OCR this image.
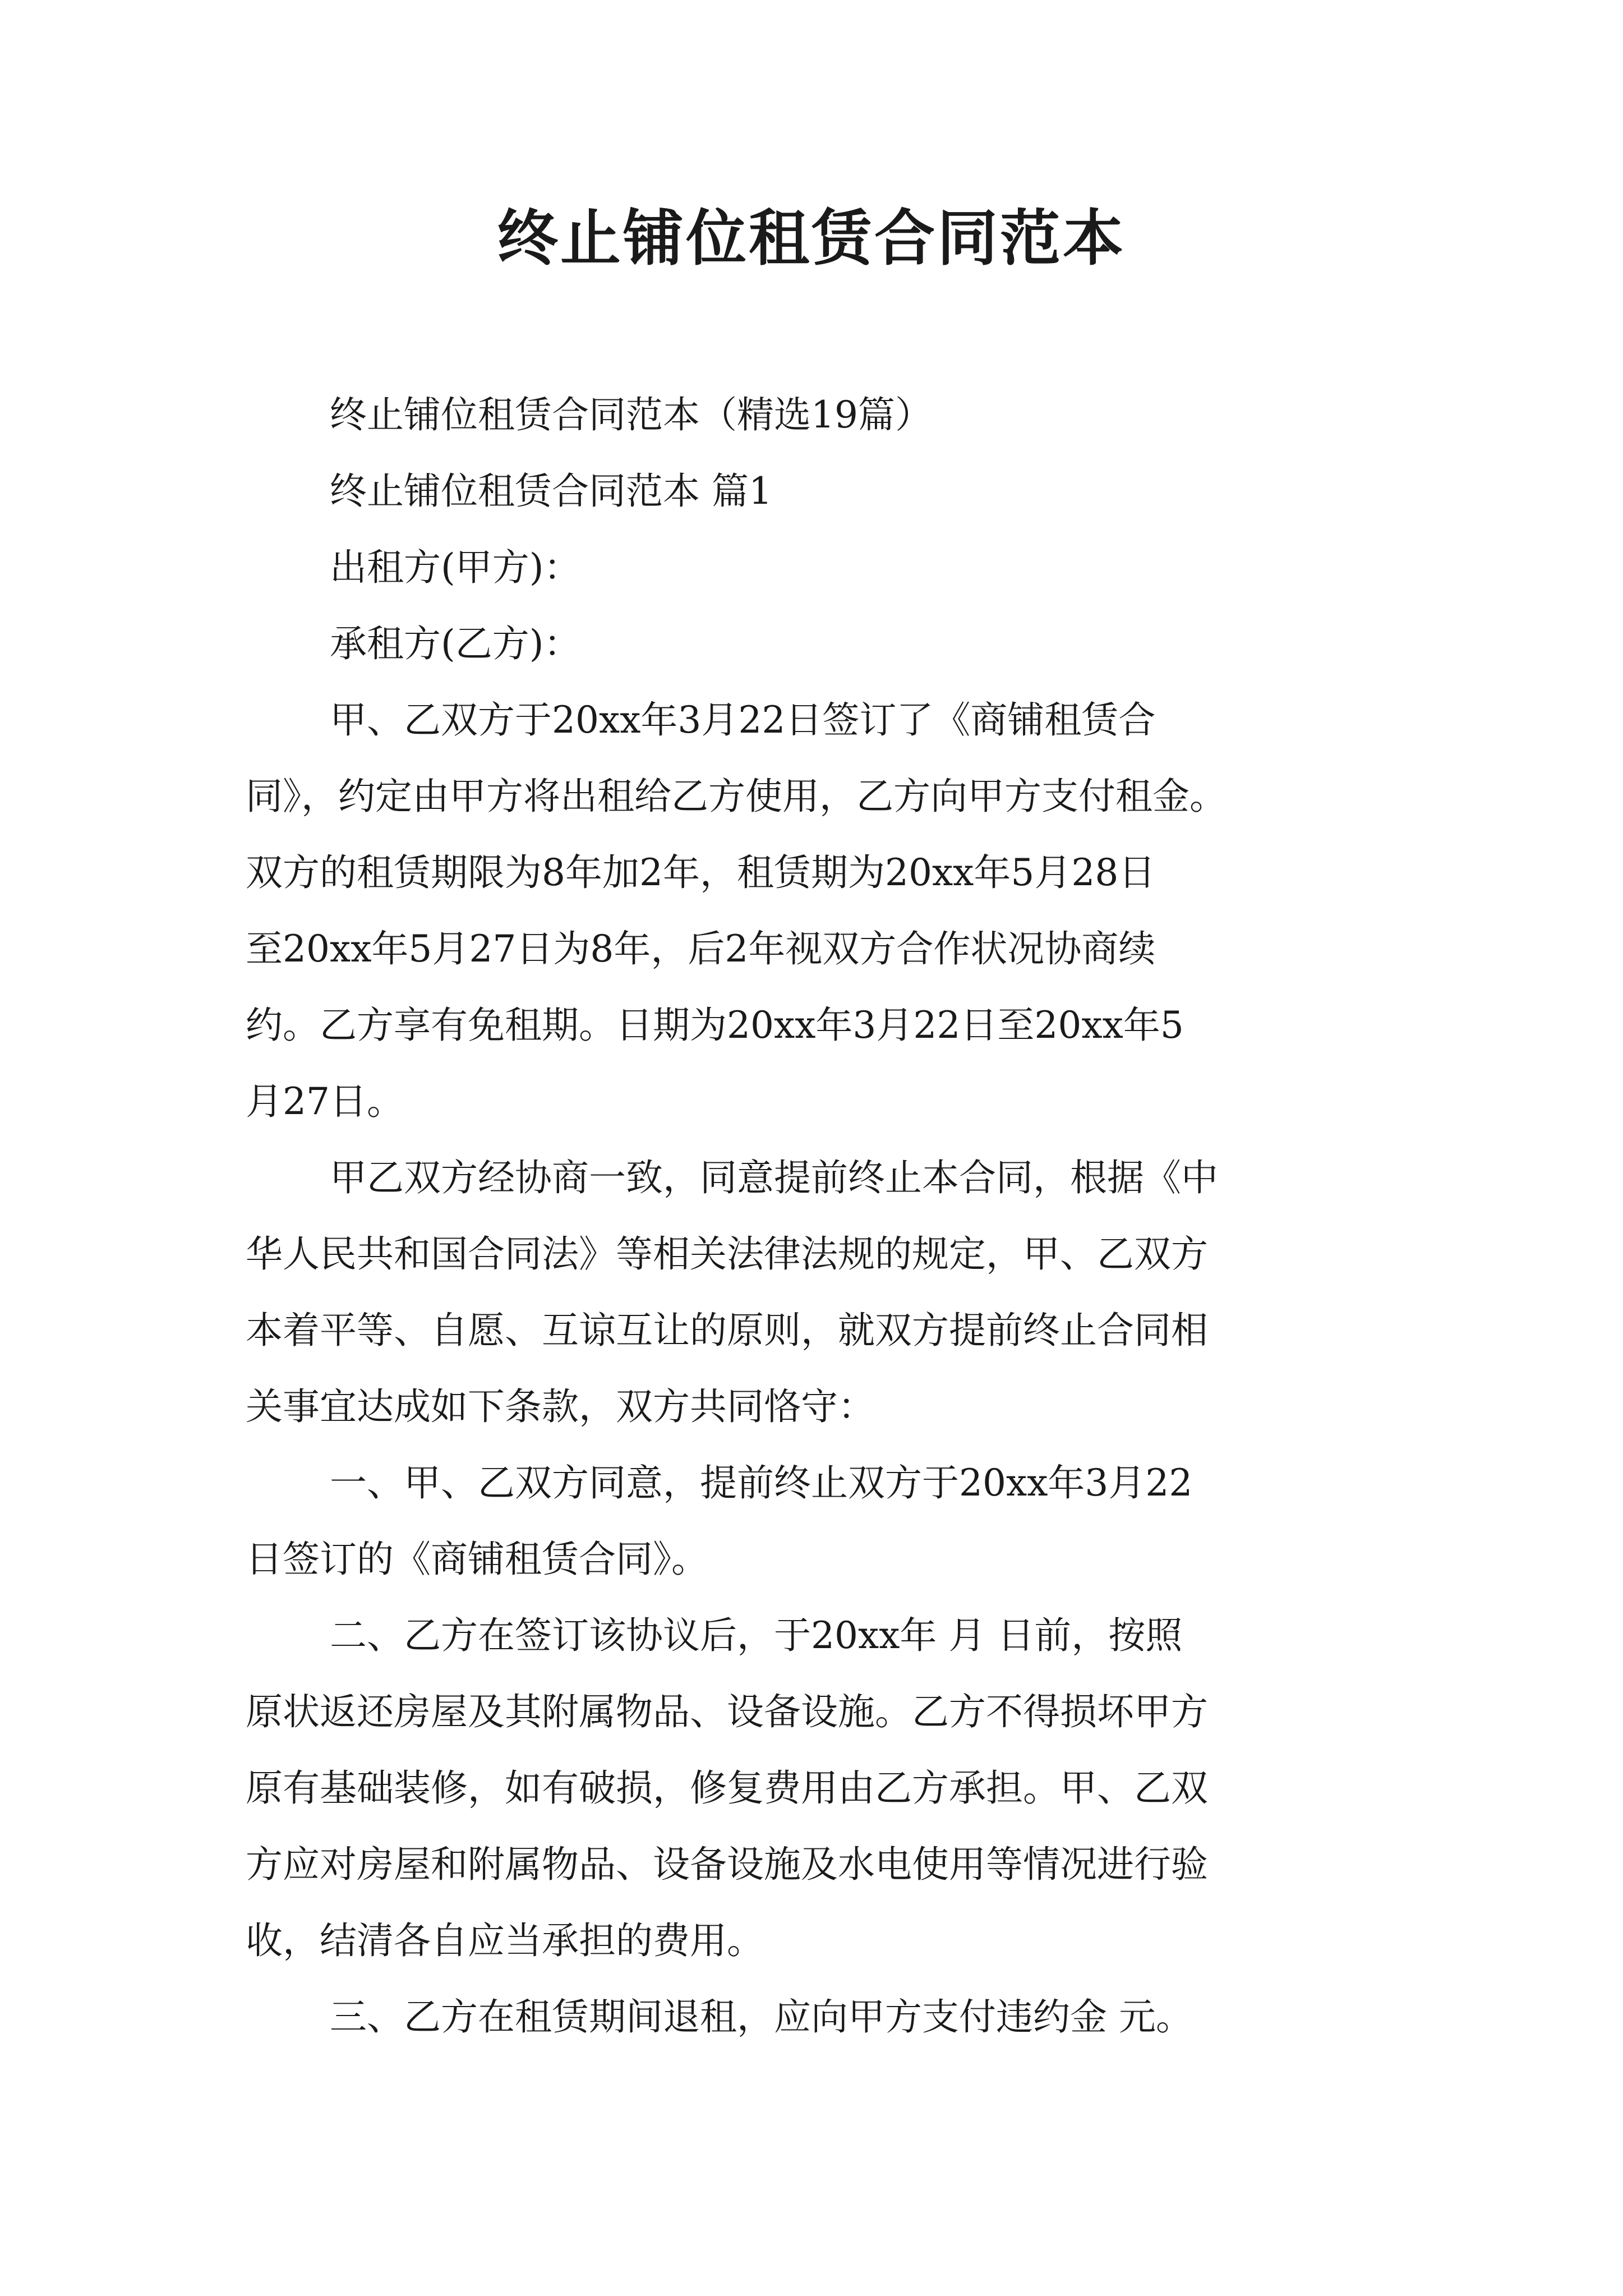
终止铺位租赁合同范本
终止铺位租赁合同范本（精选19篇）
终止铺位租赁合同范本 篇1
出租方(甲方)：
承租方(乙方)：
甲、乙双方于20xx年3月22日签订了《商铺租赁合
同》，约定由甲方将出租给乙方使用，乙方向甲方支付租金。
双方的租赁期限为8年加2年，租赁期为20xx年5月28日
至20xx年5月27日为8年，后2年视双方合作状况协商续
约。乙方享有免租期。日期为20xx年3月22日至20xx年5
月27日。
甲乙双方经协商一致，同意提前终止本合同，根据《中
华人民共和国合同法》等相关法律法规的规定，甲、乙双方
本着平等、自愿、互谅互让的原则，就双方提前终止合同相
关事宜达成如下条款，双方共同恪守：
一、甲、乙双方同意，提前终止双方于20xx年3月22
日签订的《商铺租赁合同》。
二、乙方在签订该协议后，于20xx年 月 日前，按照
原状返还房屋及其附属物品、设备设施。乙方不得损坏甲方
原有基础装修，如有破损，修复费用由乙方承担。甲、乙双
方应对房屋和附属物品、设备设施及水电使用等情况进行验
收，结清各自应当承担的费用。
三、乙方在租赁期间退租，应向甲方支付违约金 元。
